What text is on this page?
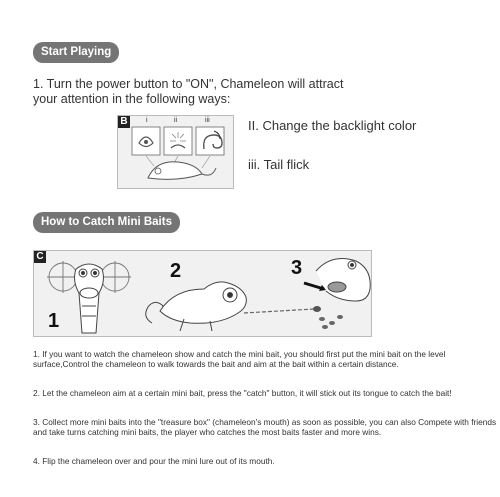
Start Playing
1. Turn the power button to "ON", Chameleon will attract your attention in the following ways:
B	i	ii	iii	II. Change the backlight color
iii. Tail flick
How to Catch Mini Baits
C
1
2	3
1. If you want to watch the chameleon show and catch the mini bait, you should first put the mini bait on the level surface,Control the chameleon to walk towards the bait and aim at the bait within a certain distance.
2. Let the chameleon aim at a certain mini bait, press the "catch" button, it will stick out its tongue to catch the bait!
3. Collect more mini baits into the "treasure box" (chameleon's mouth) as soon as possible, you can also Compete with friends and take turns catching mini baits, the player who catches the most baits faster and more wins.
4. Flip the chameleon over and pour the mini lure out of its mouth.
